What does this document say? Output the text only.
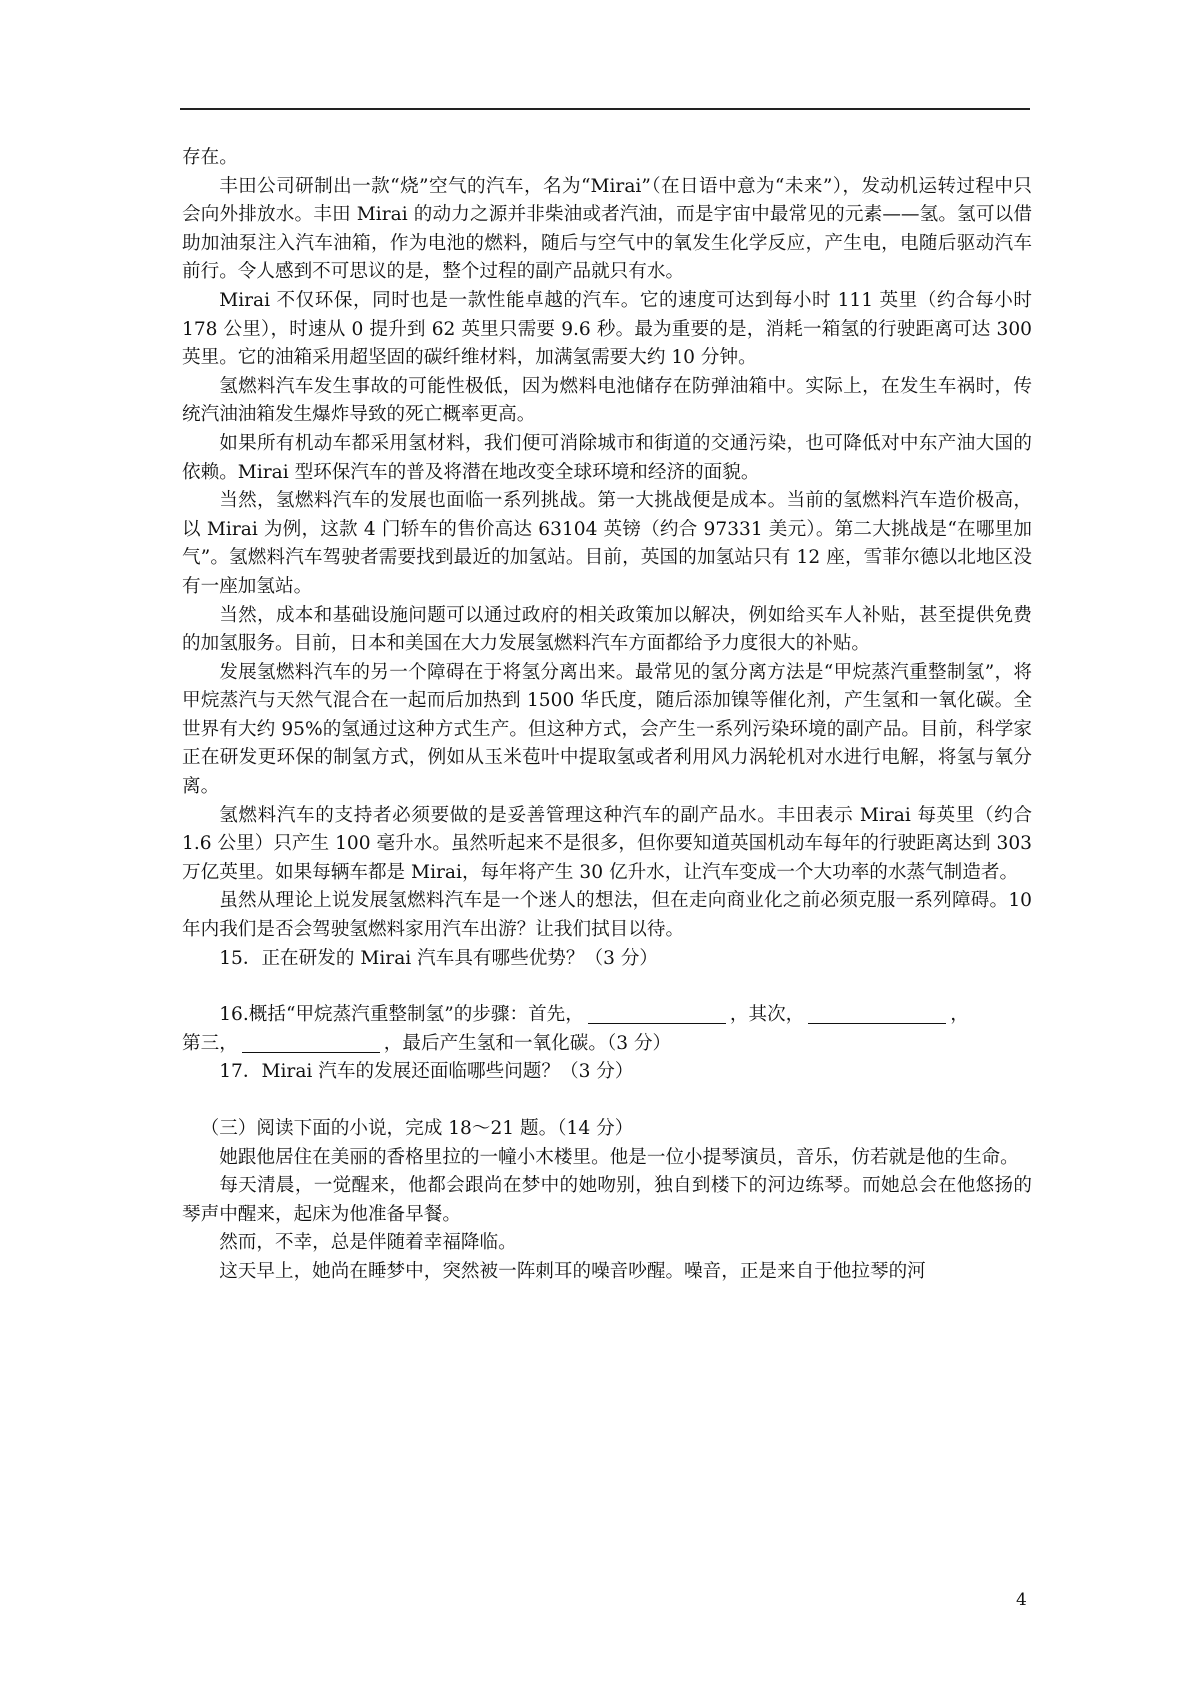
存在。

丰田公司研制出一款“烧”空气的汽车，名为“Mirai”（在日语中意为“未来”），发动机运转过程中只会向外排放水。丰田 Mirai 的动力之源并非柴油或者汽油，而是宇宙中最常见的元素——氢。氢可以借助加油泵注入汽车油箱，作为电池的燃料，随后与空气中的氧发生化学反应，产生电，电随后驱动汽车前行。令人感到不可思议的是，整个过程的副产品就只有水。

Mirai 不仅环保，同时也是一款性能卓越的汽车。它的速度可达到每小时 111 英里（约合每小时 178 公里），时速从 0 提升到 62 英里只需要 9.6 秒。最为重要的是，消耗一箱氢的行驶距离可达 300 英里。它的油箱采用超坚固的碳纤维材料，加满氢需要大约 10 分钟。

氢燃料汽车发生事故的可能性极低，因为燃料电池储存在防弹油箱中。实际上，在发生车祸时，传统汽油油箱发生爆炸导致的死亡概率更高。

如果所有机动车都采用氢材料，我们便可消除城市和街道的交通污染，也可降低对中东产油大国的依赖。Mirai 型环保汽车的普及将潜在地改变全球环境和经济的面貌。

当然，氢燃料汽车的发展也面临一系列挑战。第一大挑战便是成本。当前的氢燃料汽车造价极高，以 Mirai 为例，这款 4 门轿车的售价高达 63104 英镑（约合 97331 美元）。第二大挑战是“在哪里加气”。氢燃料汽车驾驶者需要找到最近的加氢站。目前，英国的加氢站只有 12 座，雪菲尔德以北地区没有一座加氢站。

当然，成本和基础设施问题可以通过政府的相关政策加以解决，例如给买车人补贴，甚至提供免费的加氢服务。目前，日本和美国在大力发展氢燃料汽车方面都给予力度很大的补贴。

发展氢燃料汽车的另一个障碍在于将氢分离出来。最常见的氢分离方法是“甲烷蒸汽重整制氢”，将甲烷蒸汽与天然气混合在一起而后加热到 1500 华氏度，随后添加镍等催化剂，产生氢和一氧化碳。全世界有大约 95%的氢通过这种方式生产。但这种方式，会产生一系列污染环境的副产品。目前，科学家正在研发更环保的制氢方式，例如从玉米苞叶中提取氢或者利用风力涡轮机对水进行电解，将氢与氧分离。

氢燃料汽车的支持者必须要做的是妥善管理这种汽车的副产品水。丰田表示 Mirai 每英里（约合 1.6 公里）只产生 100 毫升水。虽然听起来不是很多，但你要知道英国机动车每年的行驶距离达到 303 万亿英里。如果每辆车都是 Mirai，每年将产生 30 亿升水，让汽车变成一个大功率的水蒸气制造者。

虽然从理论上说发展氢燃料汽车是一个迷人的想法，但在走向商业化之前必须克服一系列障碍。10 年内我们是否会驾驶氢燃料家用汽车出游？让我们拭目以待。

15．正在研发的 Mirai 汽车具有哪些优势？（3 分）

16.概括“甲烷蒸汽重整制氢”的步骤：首先，	，其次，	，

第三，	，最后产生氢和一氧化碳。（3 分）

17．Mirai 汽车的发展还面临哪些问题？（3 分）

（三）阅读下面的小说，完成 18～21 题。（14 分）

她跟他居住在美丽的香格里拉的一幢小木楼里。他是一位小提琴演员，音乐，仿若就是他的生命。

每天清晨，一觉醒来，他都会跟尚在梦中的她吻别，独自到楼下的河边练琴。而她总会在他悠扬的琴声中醒来，起床为他准备早餐。

然而，不幸，总是伴随着幸福降临。

这天早上，她尚在睡梦中，突然被一阵刺耳的噪音吵醒。噪音，正是来自于他拉琴的河

4
